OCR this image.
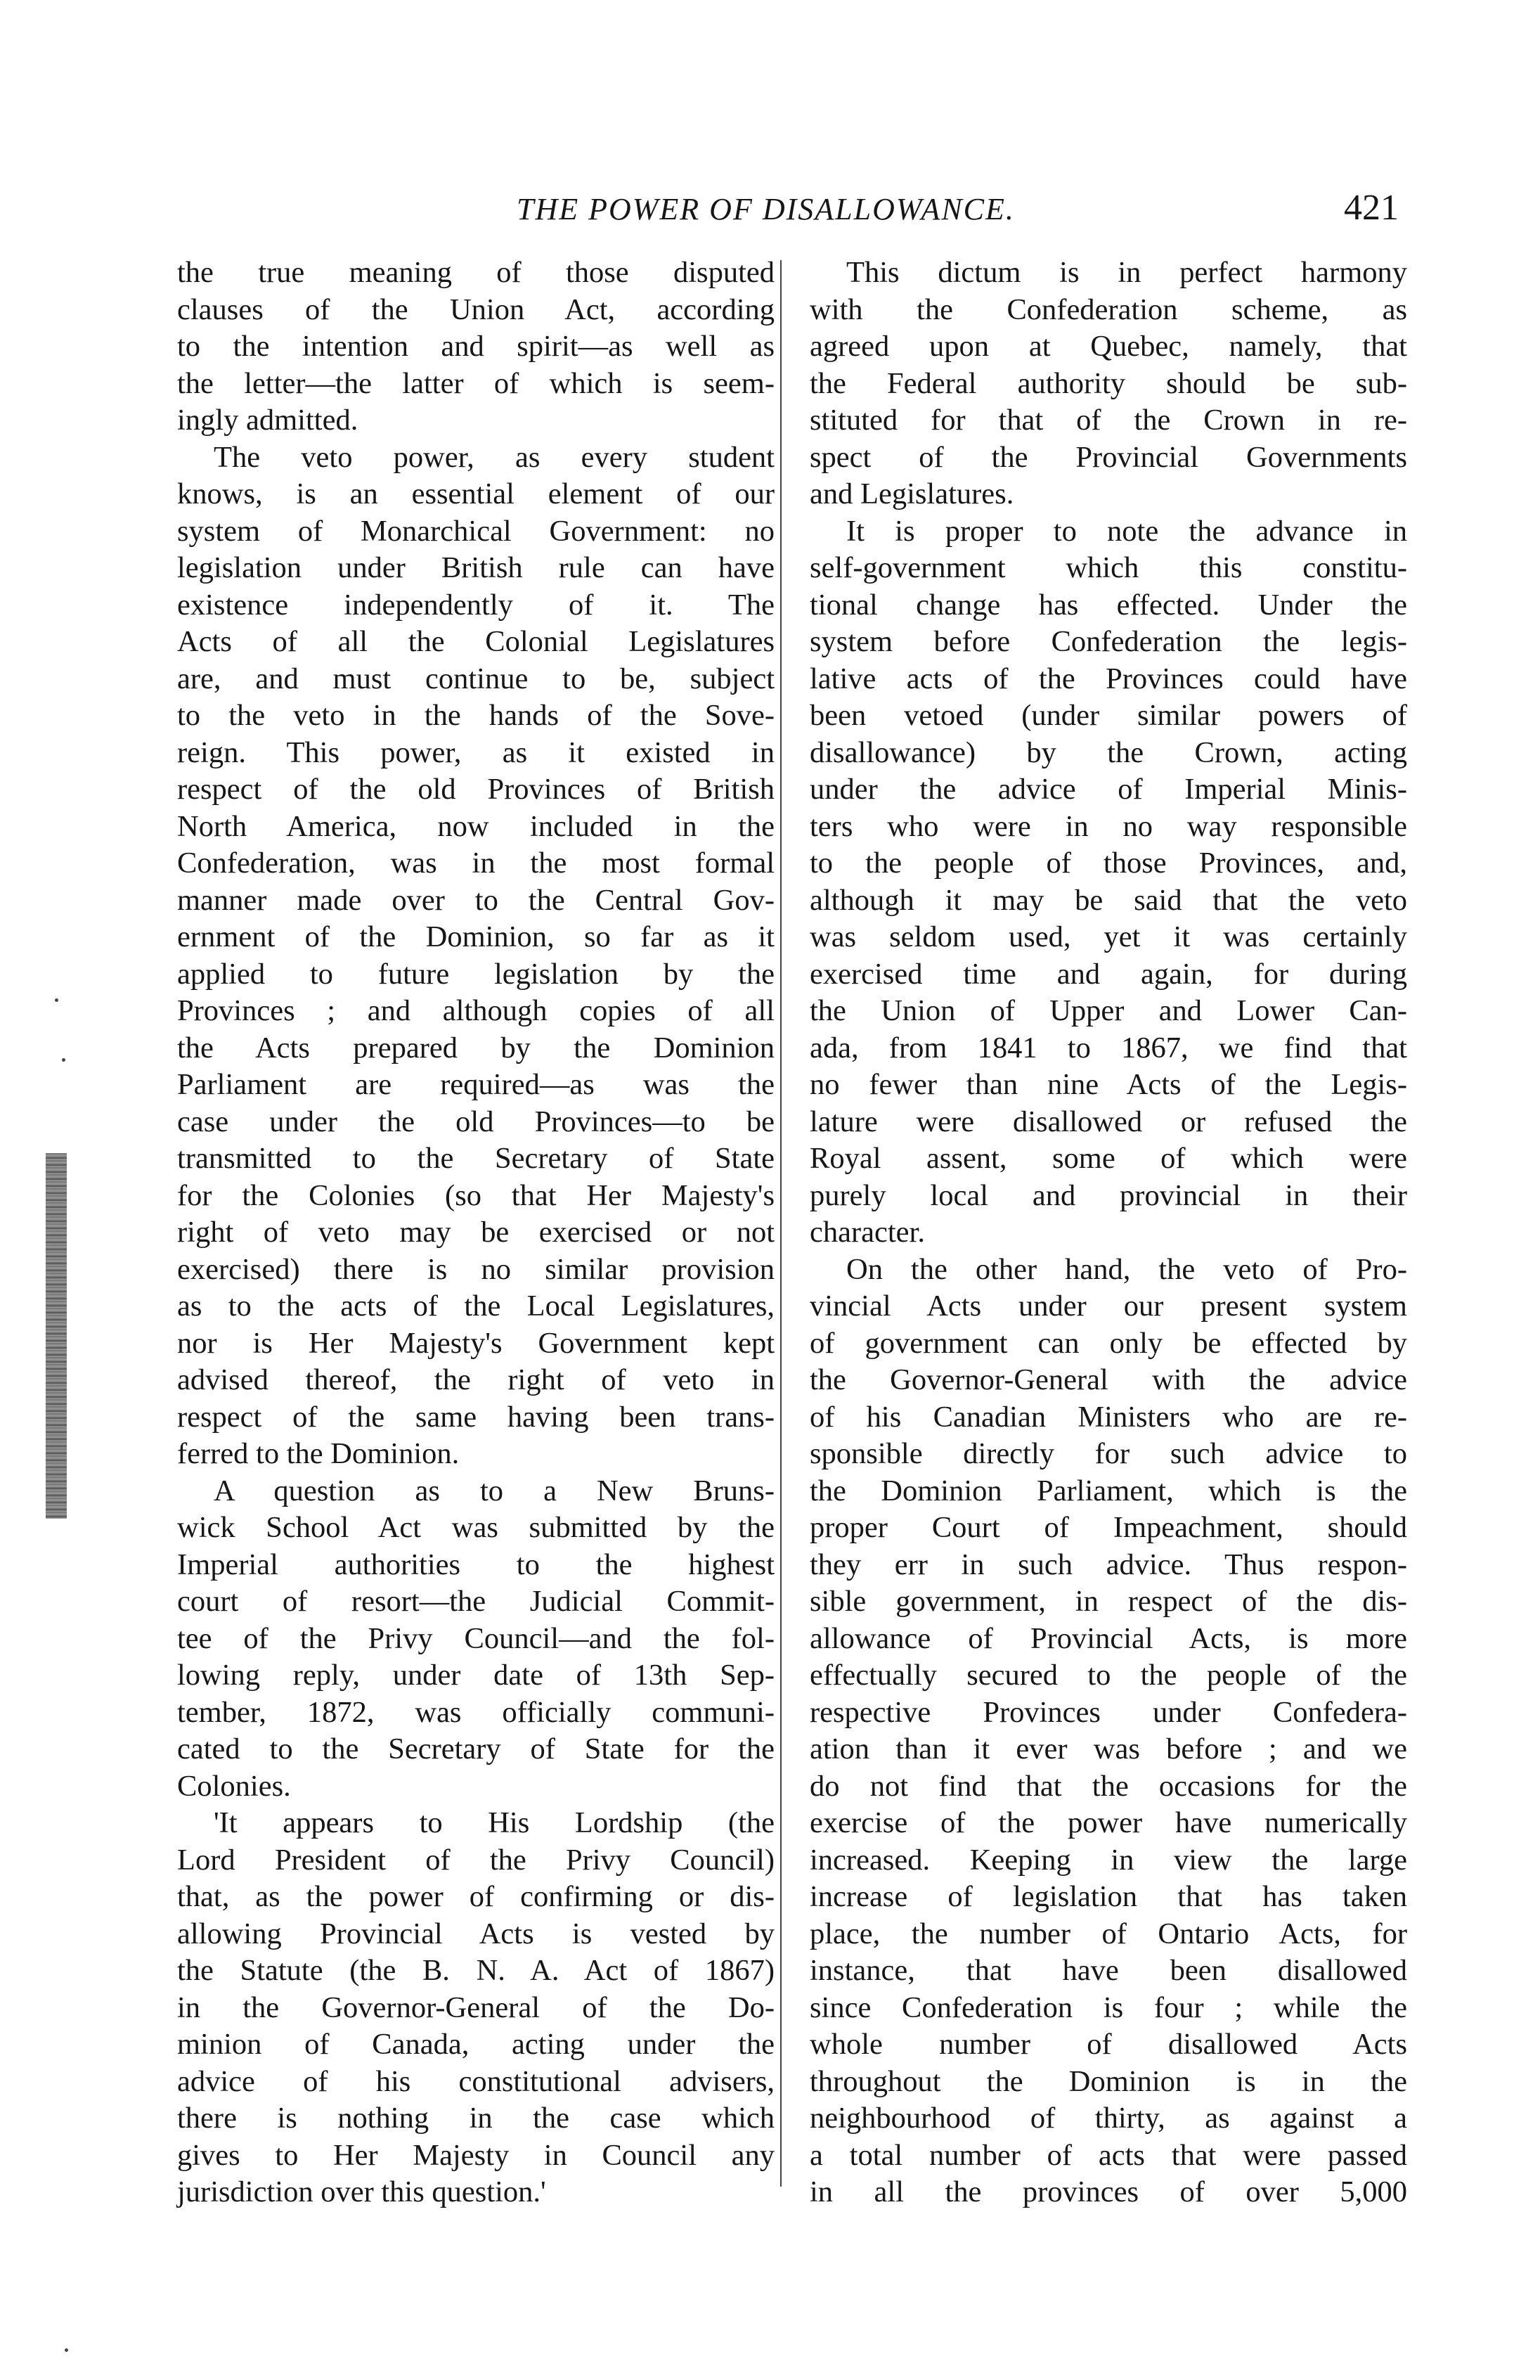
THE POWER OF DISALLOWANCE.	421
the true meaning of those disputed
clauses of the Union Act, according
to the intention and spirit—as well as
the letter—the latter of which is seem-
ingly admitted.
The veto power, as every student
knows, is an essential element of our
system of Monarchical Government: no
legislation under British rule can have
existence independently of it. The
Acts of all the Colonial Legislatures
are, and must continue to be, subject
to the veto in the hands of the Sove-
reign. This power, as it existed in
respect of the old Provinces of British
North America, now included in the
Confederation, was in the most formal
manner made over to the Central Gov-
ernment of the Dominion, so far as it
applied to future legislation by the
Provinces ; and although copies of all
the Acts prepared by the Dominion
Parliament are required—as was the
case under the old Provinces—to be
transmitted to the Secretary of State
for the Colonies (so that Her Majesty's
right of veto may be exercised or not
exercised) there is no similar provision
as to the acts of the Local Legislatures,
nor is Her Majesty's Government kept
advised thereof, the right of veto in
respect of the same having been trans-
ferred to the Dominion.
A question as to a New Bruns-
wick School Act was submitted by the
Imperial authorities to the highest
court of resort—the Judicial Commit-
tee of the Privy Council—and the fol-
lowing reply, under date of 13th Sep-
tember, 1872, was officially communi-
cated to the Secretary of State for the
Colonies.
'It appears to His Lordship (the
Lord President of the Privy Council)
that, as the power of confirming or dis-
allowing Provincial Acts is vested by
the Statute (the B. N. A. Act of 1867)
in the Governor-General of the Do-
minion of Canada, acting under the
advice of his constitutional advisers,
there is nothing in the case which
gives to Her Majesty in Council any
jurisdiction over this question.'
This dictum is in perfect harmony
with the Confederation scheme, as
agreed upon at Quebec, namely, that
the Federal authority should be sub-
stituted for that of the Crown in re-
spect of the Provincial Governments
and Legislatures.
It is proper to note the advance in
self-government which this constitu-
tional change has effected. Under the
system before Confederation the legis-
lative acts of the Provinces could have
been vetoed (under similar powers of
disallowance) by the Crown, acting
under the advice of Imperial Minis-
ters who were in no way responsible
to the people of those Provinces, and,
although it may be said that the veto
was seldom used, yet it was certainly
exercised time and again, for during
the Union of Upper and Lower Can-
ada, from 1841 to 1867, we find that
no fewer than nine Acts of the Legis-
lature were disallowed or refused the
Royal assent, some of which were
purely local and provincial in their
character.
On the other hand, the veto of Pro-
vincial Acts under our present system
of government can only be effected by
the Governor-General with the advice
of his Canadian Ministers who are re-
sponsible directly for such advice to
the Dominion Parliament, which is the
proper Court of Impeachment, should
they err in such advice. Thus respon-
sible government, in respect of the dis-
allowance of Provincial Acts, is more
effectually secured to the people of the
respective Provinces under Confedera-
ation than it ever was before ; and we
do not find that the occasions for the
exercise of the power have numerically
increased. Keeping in view the large
increase of legislation that has taken
place, the number of Ontario Acts, for
instance, that have been disallowed
since Confederation is four ; while the
whole number of disallowed Acts
throughout the Dominion is in the
neighbourhood of thirty, as against a
a total number of acts that were passed
in all the provinces of over 5,000
